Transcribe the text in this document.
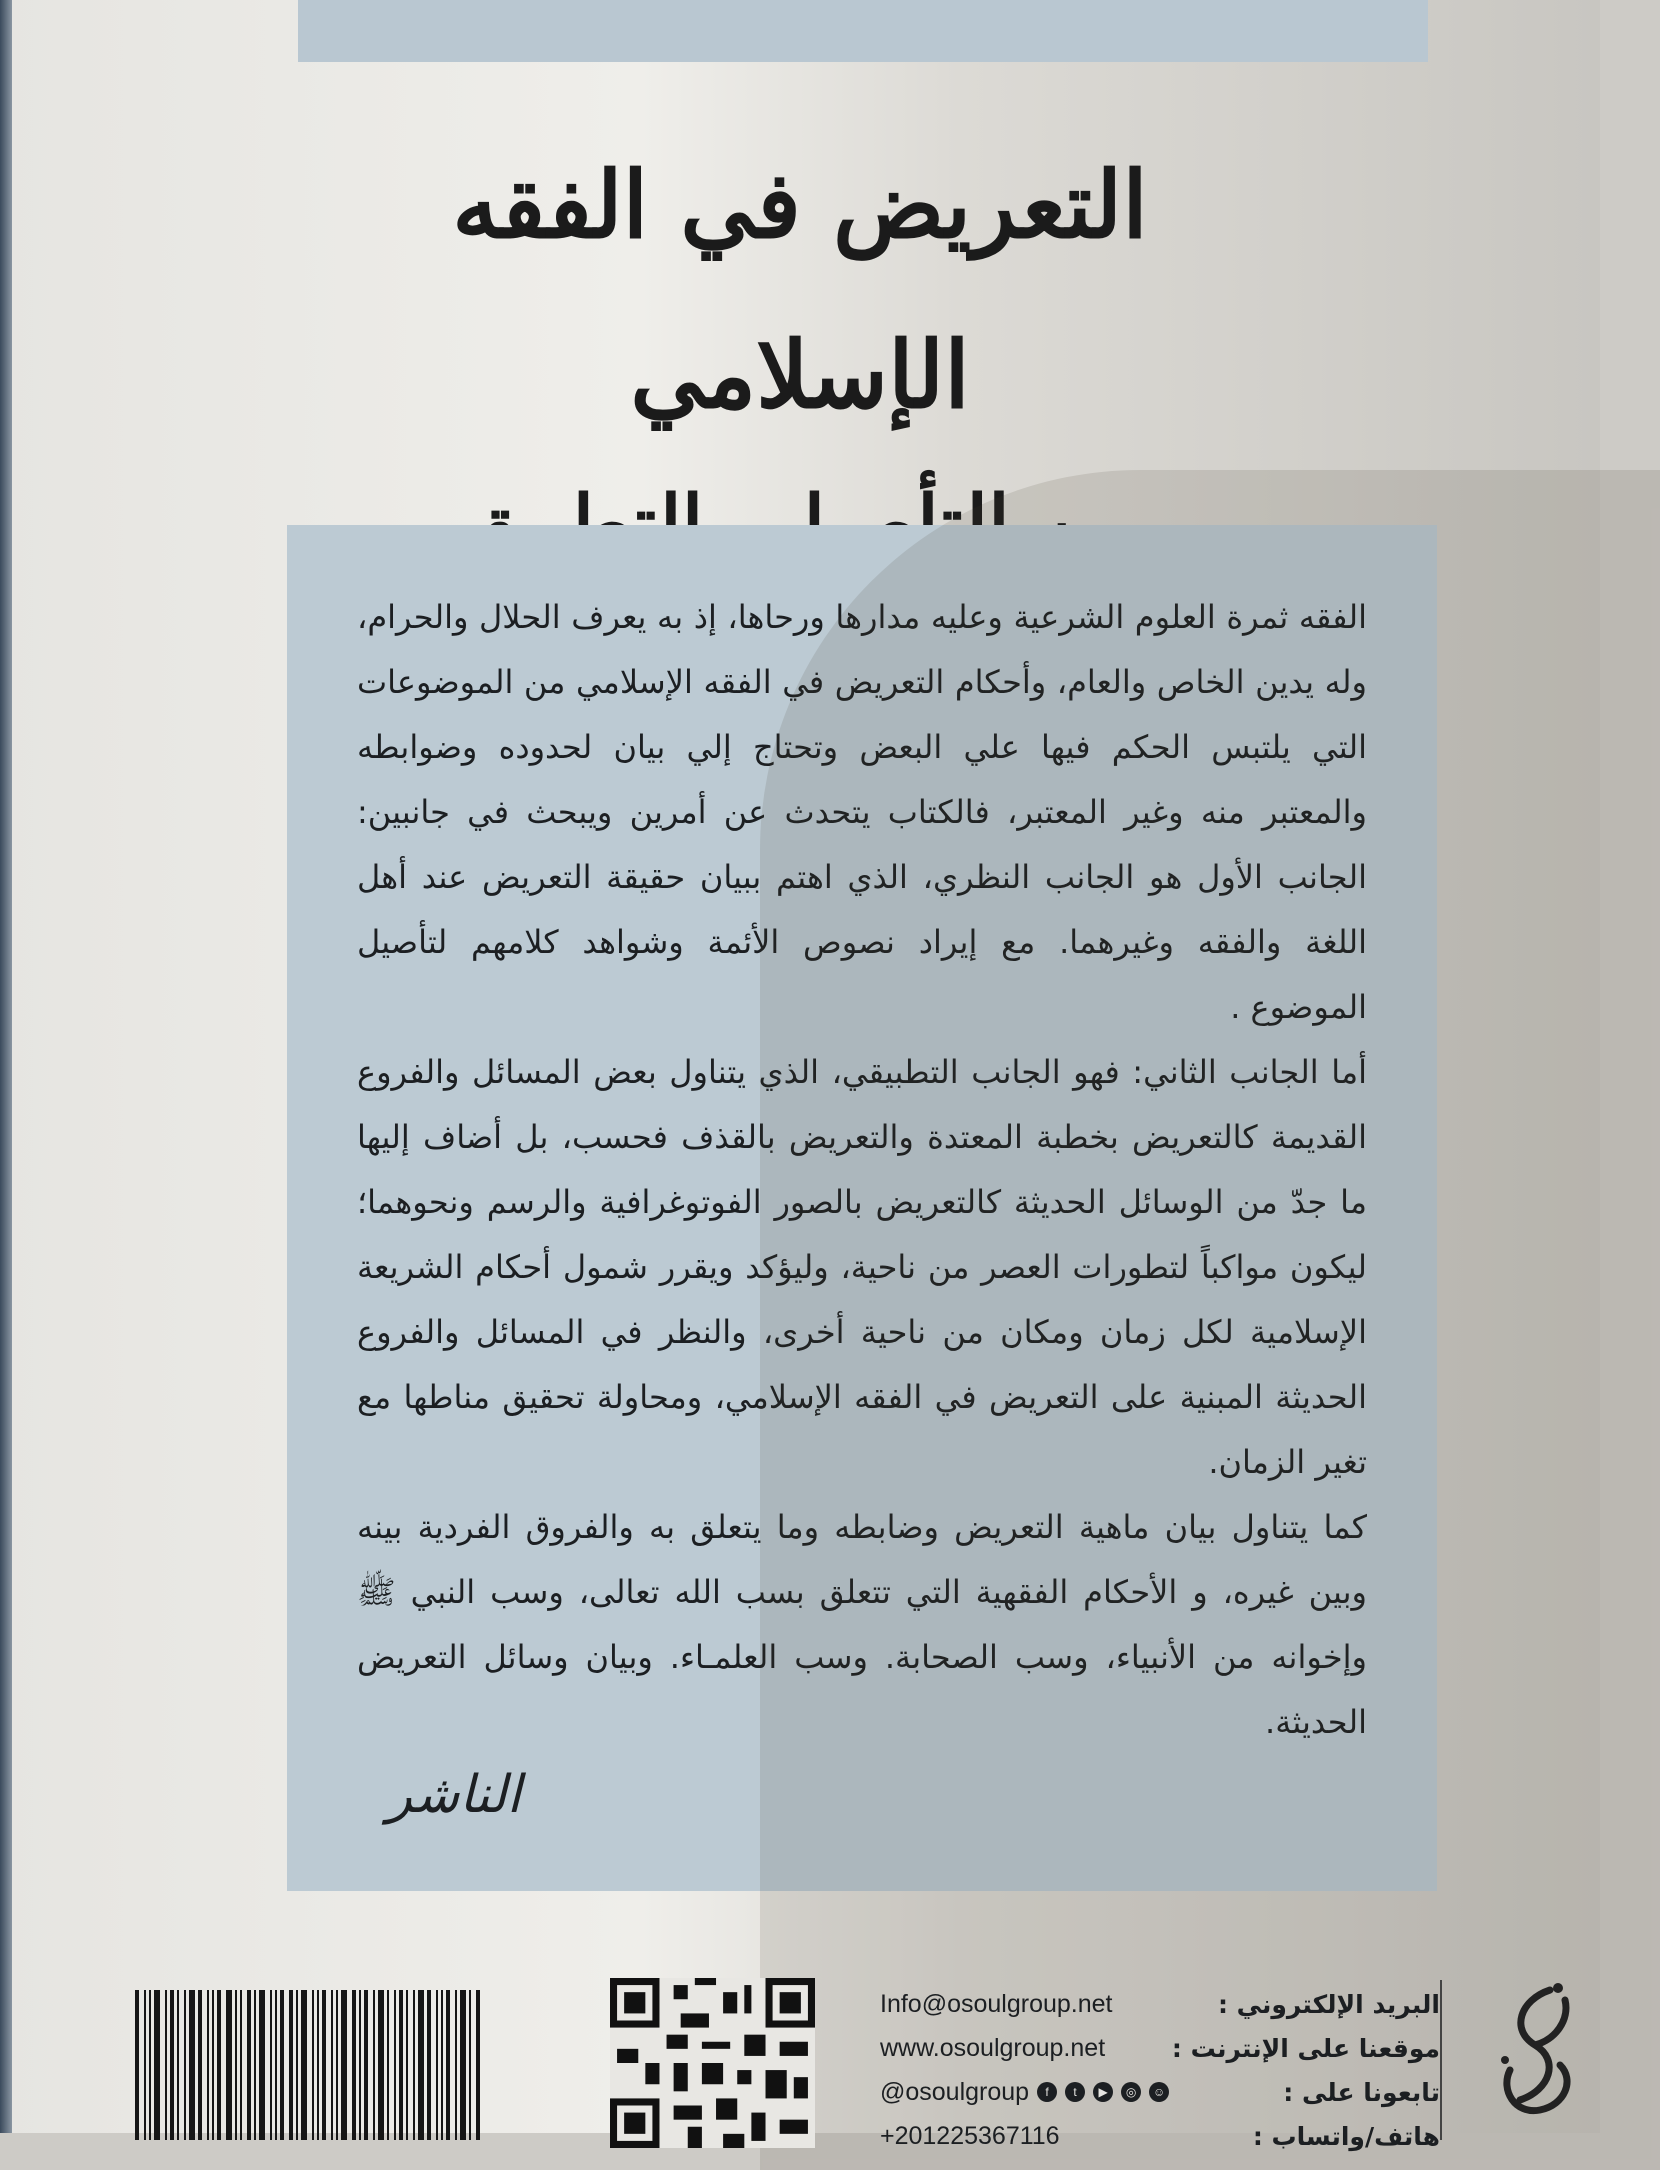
التعريض في الفقه الإسلامي

الفقه ثمرة العلوم الشرعية وعليه مدارها ورحاها، إذ به يعرف الحلال والحرام، وله يدين الخاص والعام، وأحكام التعريض في الفقه الإسلامي من الموضوعات التي يلتبس الحكم فيها علي البعض وتحتاج إلي بيان لحدوده وضوابطه والمعتبر منه وغير المعتبر، فالكتاب يتحدث عن أمرين ويبحث في جانبين: الجانب الأول هو الجانب النظري، الذي اهتم ببيان حقيقة التعريض عند أهل اللغة والفقه وغيرهما. مع إيراد نصوص الأئمة وشواهد كلامهم لتأصيل الموضوع .

أما الجانب الثاني: فهو الجانب التطبيقي، الذي يتناول بعض المسائل والفروع القديمة كالتعريض بخطبة المعتدة والتعريض بالقذف فحسب، بل أضاف إليها ما جدّ من الوسائل الحديثة كالتعريض بالصور الفوتوغرافية والرسم ونحوهما؛ ليكون مواكباً لتطورات العصر من ناحية، وليؤكد ويقرر شمول أحكام الشريعة الإسلامية لكل زمان ومكان من ناحية أخرى، والنظر في المسائل والفروع الحديثة المبنية على التعريض في الفقه الإسلامي، ومحاولة تحقيق مناطها مع تغير الزمان.

كما يتناول بيان ماهية التعريض وضابطه وما يتعلق به والفروق الفردية بينه وبين غيره، و الأحكام الفقهية التي تتعلق بسب الله تعالى، وسب النبي ﷺ وإخوانه من الأنبياء، وسب الصحابة. وسب العلمـاء. وبيان وسائل التعريض الحديثة.

الناشر
Info@osoulgroup.net	البريد الإلكتروني :
www.osoulgroup.net	موقعنا على الإنترنت :
@osoulgroup	f	t	▶	◎	☺	تابعونا على :
+201225367116	هاتف/واتساب :
